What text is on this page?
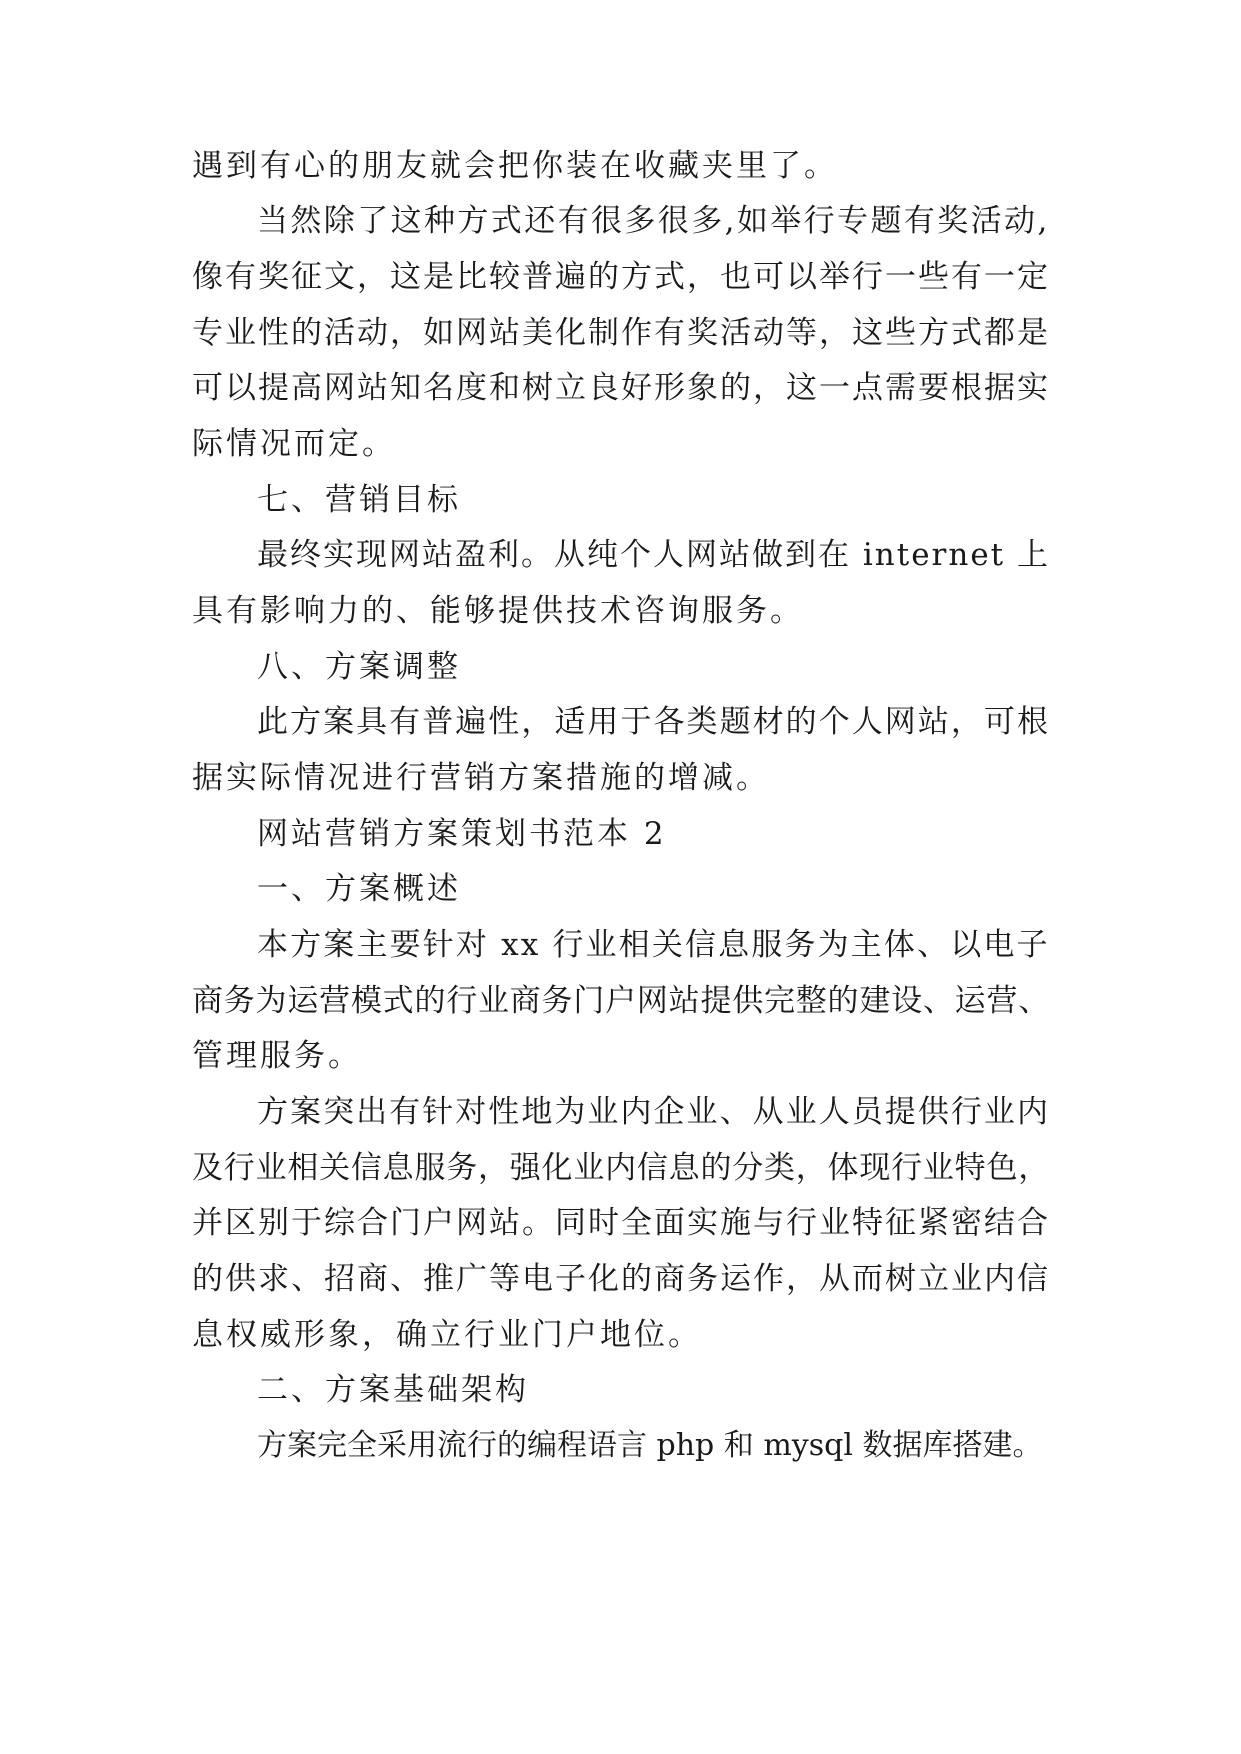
遇到有心的朋友就会把你装在收藏夹里了。
当然除了这种方式还有很多很多,如举行专题有奖活动,
像有奖征文，这是比较普遍的方式，也可以举行一些有一定
专业性的活动，如网站美化制作有奖活动等，这些方式都是
可以提高网站知名度和树立良好形象的，这一点需要根据实
际情况而定。
七、营销目标
最终实现网站盈利。从纯个人网站做到在 internet 上
具有影响力的、能够提供技术咨询服务。
八、方案调整
此方案具有普遍性，适用于各类题材的个人网站，可根
据实际情况进行营销方案措施的增减。
网站营销方案策划书范本 2
一、方案概述
本方案主要针对 xx 行业相关信息服务为主体、以电子
商务为运营模式的行业商务门户网站提供完整的建设、运营、
管理服务。
方案突出有针对性地为业内企业、从业人员提供行业内
及行业相关信息服务，强化业内信息的分类，体现行业特色，
并区别于综合门户网站。同时全面实施与行业特征紧密结合
的供求、招商、推广等电子化的商务运作，从而树立业内信
息权威形象，确立行业门户地位。
二、方案基础架构
方案完全采用流行的编程语言 php 和 mysql 数据库搭建。
